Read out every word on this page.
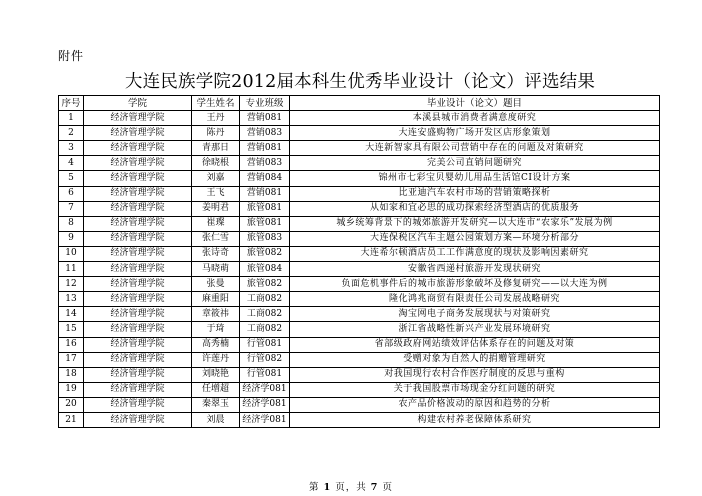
附件
大连民族学院2012届本科生优秀毕业设计（论文）评选结果
序号	学院	学生姓名	专业班级	毕业设计（论文）题目
1	经济管理学院	王丹	营销081	本溪县城市消费者满意度研究
2	经济管理学院	陈丹	营销083	大连安盛购物广场开发区店形象策划
3	经济管理学院	青那日	营销081	大连新智家具有限公司营销中存在的问题及对策研究
4	经济管理学院	徐晓根	营销083	完美公司直销问题研究
5	经济管理学院	刘嘉	营销084	锦州市七彩宝贝婴幼儿用品生活馆CI设计方案
6	经济管理学院	王飞	营销081	比亚迪汽车农村市场的营销策略探析
7	经济管理学院	姜明君	旅管081	从如家和宜必思的成功探索经济型酒店的优质服务
8	经济管理学院	崔璨	旅管081	城乡统筹背景下的城郊旅游开发研究—以大连市“农家乐”发展为例
9	经济管理学院	张仁雪	旅管083	大连保税区汽车主题公园策划方案—环境分析部分
10	经济管理学院	张诗奇	旅管082	大连希尔顿酒店员工工作满意度的现状及影响因素研究
11	经济管理学院	马晓萌	旅管084	安徽省西递村旅游开发现状研究
12	经济管理学院	张曼	旅管082	负面危机事件后的城市旅游形象破坏及修复研究——以大连为例
13	经济管理学院	麻重阳	工商082	隆化鸿兆商贸有限责任公司发展战略研究
14	经济管理学院	章筱祎	工商082	淘宝网电子商务发展现状与对策研究
15	经济管理学院	于琦	工商082	浙江省战略性新兴产业发展环境研究
16	经济管理学院	高秀楠	行管081	省部级政府网站绩效评估体系存在的问题及对策
17	经济管理学院	许莲丹	行管082	受赠对象为自然人的捐赠管理研究
18	经济管理学院	刘晓艳	行管081	对我国现行农村合作医疗制度的反思与重构
19	经济管理学院	任增超	经济学081	关于我国股票市场现金分红问题的研究
20	经济管理学院	秦翠玉	经济学081	农产品价格波动的原因和趋势的分析
21	经济管理学院	刘晨	经济学081	构建农村养老保障体系研究
第 1 页，共 7 页
